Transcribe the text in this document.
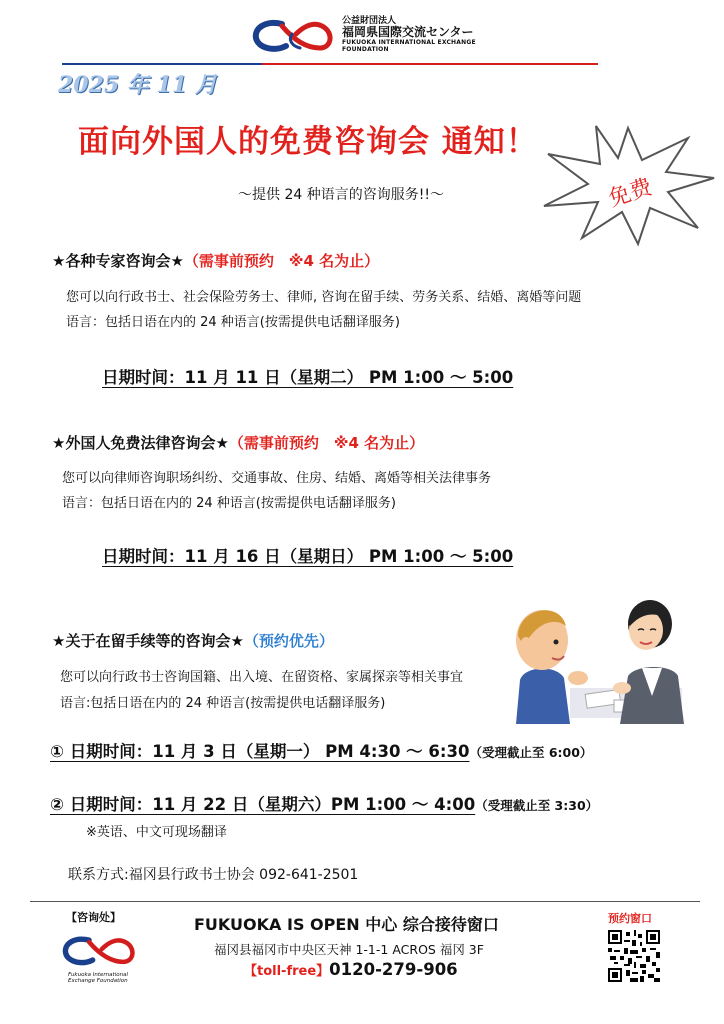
公益財団法人
福岡県国際交流センター
FUKUOKA INTERNATIONAL EXCHANGE FOUNDATION
2025 年 11 月
面向外国人的免费咨询会 通知！
～提供 24 种语言的咨询服务!!～	免费
★各种专家咨询会★（需事前预约　※4 名为止）
您可以向行政书士、社会保险劳务士、律师, 咨询在留手续、劳务关系、结婚、离婚等问题
语言：包括日语在内的 24 种语言(按需提供电话翻译服务)
日期时间：11 月 11 日（星期二） PM 1:00 ～ 5:00
★外国人免费法律咨询会★（需事前预约　※4 名为止）
您可以向律师咨询职场纠纷、交通事故、住房、结婚、离婚等相关法律事务
语言：包括日语在内的 24 种语言(按需提供电话翻译服务)
日期时间：11 月 16 日（星期日） PM 1:00 ～ 5:00
★关于在留手续等的咨询会★（预约优先）
您可以向行政书士咨询国籍、出入境、在留资格、家属探亲等相关事宜
语言:包括日语在内的 24 种语言(按需提供电话翻译服务)
① 日期时间：11 月 3 日（星期一） PM 4:30 ～ 6:30（受理截止至 6:00）
② 日期时间：11 月 22 日（星期六）PM 1:00 ～ 4:00（受理截止至 3:30）
※英语、中文可现场翻译
联系方式:福冈县行政书士协会 092-641-2501
【咨询处】
Fukuoka International
Exchange Foundation
FUKUOKA IS OPEN 中心 综合接待窗口
福冈县福冈市中央区天神 1-1-1 ACROS 福冈 3F
【toll-free】0120-279-906
预约窗口
